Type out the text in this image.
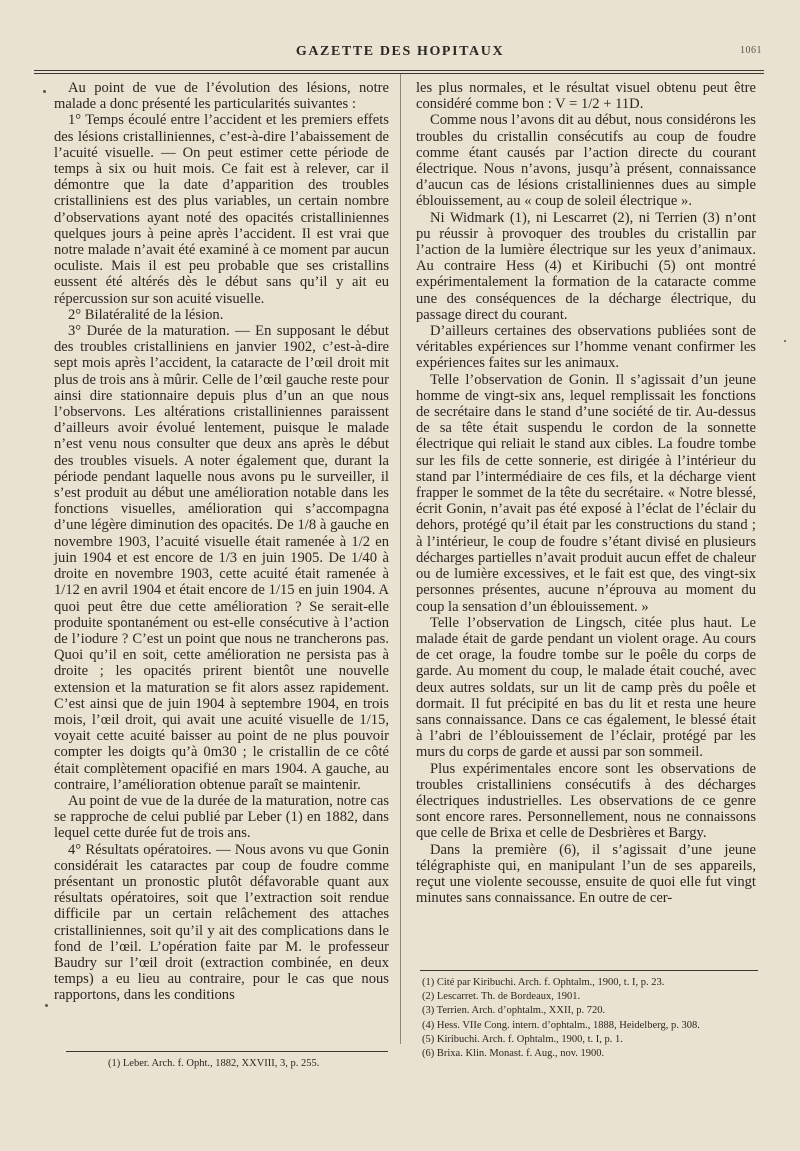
GAZETTE DES HOPITAUX	1061

Au point de vue de l’évolution des lésions, notre malade a donc présenté les particularités suivantes :

1° Temps écoulé entre l’accident et les premiers effets des lésions cristalliniennes, c’est-à-dire l’abaissement de l’acuité visuelle. — On peut estimer cette période de temps à six ou huit mois. Ce fait est à relever, car il démontre que la date d’apparition des troubles cristalliniens est des plus variables, un certain nombre d’observations ayant noté des opacités cristalliniennes quelques jours à peine après l’accident. Il est vrai que notre malade n’avait été examiné à ce moment par aucun oculiste. Mais il est peu probable que ses cristallins eussent été altérés dès le début sans qu’il y ait eu répercussion sur son acuité visuelle.

2° Bilatéralité de la lésion.

3° Durée de la maturation. — En supposant le début des troubles cristalliniens en janvier 1902, c’est-à-dire sept mois après l’accident, la cataracte de l’œil droit mit plus de trois ans à mûrir. Celle de l’œil gauche reste pour ainsi dire stationnaire depuis plus d’un an que nous l’observons. Les altérations cristalliniennes paraissent d’ailleurs avoir évolué lentement, puisque le malade n’est venu nous consulter que deux ans après le début des troubles visuels. A noter également que, durant la période pendant laquelle nous avons pu le surveiller, il s’est produit au début une amélioration notable dans les fonctions visuelles, amélioration qui s’accompagna d’une légère diminution des opacités. De 1/8 à gauche en novembre 1903, l’acuité visuelle était ramenée à 1/2 en juin 1904 et est encore de 1/3 en juin 1905. De 1/40 à droite en novembre 1903, cette acuité était ramenée à 1/12 en avril 1904 et était encore de 1/15 en juin 1904. A quoi peut être due cette amélioration ? Se serait-elle produite spontanément ou est-elle consécutive à l’action de l’iodure ? C’est un point que nous ne trancherons pas. Quoi qu’il en soit, cette amélioration ne persista pas à droite ; les opacités prirent bientôt une nouvelle extension et la maturation se fit alors assez rapidement. C’est ainsi que de juin 1904 à septembre 1904, en trois mois, l’œil droit, qui avait une acuité visuelle de 1/15, voyait cette acuité baisser au point de ne plus pouvoir compter les doigts qu’à 0m30 ; le cristallin de ce côté était complètement opacifié en mars 1904. A gauche, au contraire, l’amélioration obtenue paraît se maintenir.

Au point de vue de la durée de la maturation, notre cas se rapproche de celui publié par Leber (1) en 1882, dans lequel cette durée fut de trois ans.

4° Résultats opératoires. — Nous avons vu que Gonin considérait les cataractes par coup de foudre comme présentant un pronostic plutôt défavorable quant aux résultats opératoires, soit que l’extraction soit rendue difficile par un certain relâchement des attaches cristalliniennes, soit qu’il y ait des complications dans le fond de l’œil. L’opération faite par M. le professeur Baudry sur l’œil droit (extraction combinée, en deux temps) a eu lieu au contraire, pour le cas que nous rapportons, dans les conditions

(1) Leber. Arch. f. Opht., 1882, XXVIII, 3, p. 255.

les plus normales, et le résultat visuel obtenu peut être considéré comme bon : V = 1/2 + 11D.

Comme nous l’avons dit au début, nous considérons les troubles du cristallin consécutifs au coup de foudre comme étant causés par l’action directe du courant électrique. Nous n’avons, jusqu’à présent, connaissance d’aucun cas de lésions cristalliniennes dues au simple éblouissement, au « coup de soleil électrique ».

Ni Widmark (1), ni Lescarret (2), ni Terrien (3) n’ont pu réussir à provoquer des troubles du cristallin par l’action de la lumière électrique sur les yeux d’animaux. Au contraire Hess (4) et Kiribuchi (5) ont montré expérimentalement la formation de la cataracte comme une des conséquences de la décharge électrique, du passage direct du courant.

D’ailleurs certaines des observations publiées sont de véritables expériences sur l’homme venant confirmer les expériences faites sur les animaux.

Telle l’observation de Gonin. Il s’agissait d’un jeune homme de vingt-six ans, lequel remplissait les fonctions de secrétaire dans le stand d’une société de tir. Au-dessus de sa tête était suspendu le cordon de la sonnette électrique qui reliait le stand aux cibles. La foudre tombe sur les fils de cette sonnerie, est dirigée à l’intérieur du stand par l’intermédiaire de ces fils, et la décharge vient frapper le sommet de la tête du secrétaire. « Notre blessé, écrit Gonin, n’avait pas été exposé à l’éclat de l’éclair du dehors, protégé qu’il était par les constructions du stand ; à l’intérieur, le coup de foudre s’étant divisé en plusieurs décharges partielles n’avait produit aucun effet de chaleur ou de lumière excessives, et le fait est que, des vingt-six personnes présentes, aucune n’éprouva au moment du coup la sensation d’un éblouissement. »

Telle l’observation de Lingsch, citée plus haut. Le malade était de garde pendant un violent orage. Au cours de cet orage, la foudre tombe sur le poêle du corps de garde. Au moment du coup, le malade était couché, avec deux autres soldats, sur un lit de camp près du poêle et dormait. Il fut précipité en bas du lit et resta une heure sans connaissance. Dans ce cas également, le blessé était à l’abri de l’éblouissement de l’éclair, protégé par les murs du corps de garde et aussi par son sommeil.

Plus expérimentales encore sont les observations de troubles cristalliniens consécutifs à des décharges électriques industrielles. Les observations de ce genre sont encore rares. Personnellement, nous ne connaissons que celle de Brixa et celle de Desbrières et Bargy.

Dans la première (6), il s’agissait d’une jeune télégraphiste qui, en manipulant l’un de ses appareils, reçut une violente secousse, ensuite de quoi elle fut vingt minutes sans connaissance. En outre de cer-

(1) Cité par Kiribuchi. Arch. f. Ophtalm., 1900, t. I, p. 23.
(2) Lescarret. Th. de Bordeaux, 1901.
(3) Terrien. Arch. d’ophtalm., XXII, p. 720.
(4) Hess. VIIe Cong. intern. d’ophtalm., 1888, Heidelberg, p. 308.
(5) Kiribuchi. Arch. f. Ophtalm., 1900, t. I, p. 1.
(6) Brixa. Klin. Monast. f. Aug., nov. 1900.
